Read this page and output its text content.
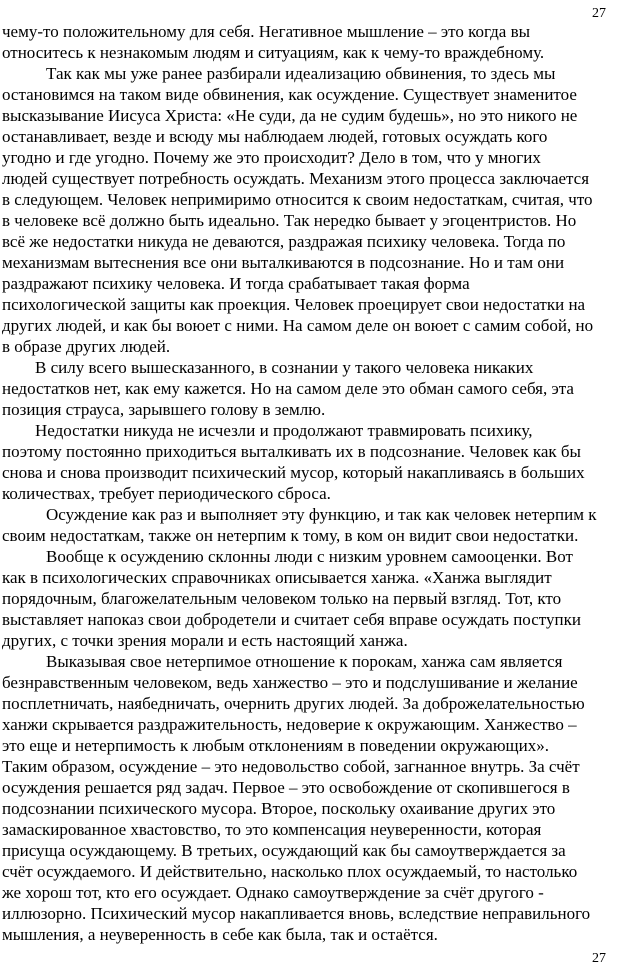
27
чему-то положительному для себя. Негативное мышление – это когда вы
относитесь к незнакомым людям и ситуациям, как к чему-то враждебному.
Так как мы уже ранее разбирали идеализацию обвинения, то здесь мы
остановимся на таком виде обвинения, как осуждение. Существует знаменитое
высказывание Иисуса Христа: «Не суди, да не судим будешь», но это никого не
останавливает, везде и всюду мы наблюдаем людей, готовых осуждать кого
угодно и где угодно. Почему же это происходит? Дело в том, что у многих
людей существует потребность осуждать. Механизм этого процесса заключается
в следующем. Человек непримиримо относится к своим недостаткам, считая, что
в человеке всё должно быть идеально. Так нередко бывает у эгоцентристов. Но
всё же недостатки никуда не деваются, раздражая психику человека. Тогда по
механизмам вытеснения все они выталкиваются в подсознание. Но и там они
раздражают психику человека. И тогда срабатывает такая форма
психологической защиты как проекция. Человек проецирует свои недостатки на
других людей, и как бы воюет с ними. На самом деле он воюет с самим собой, но
в образе других людей.
В силу всего вышесказанного, в сознании у такого человека никаких
недостатков нет, как ему кажется. Но на самом деле это обман самого себя, эта
позиция страуса, зарывшего голову в землю.
Недостатки никуда не исчезли и продолжают травмировать психику,
поэтому постоянно приходиться выталкивать их в подсознание. Человек как бы
снова и снова производит психический мусор, который накапливаясь в больших
количествах, требует периодического сброса.
Осуждение как раз и выполняет эту функцию, и так как человек нетерпим к
своим недостаткам, также он нетерпим к тому, в ком он видит свои недостатки.
Вообще к осуждению склонны люди с низким уровнем самооценки. Вот
как в психологических справочниках описывается ханжа. «Ханжа выглядит
порядочным, благожелательным человеком только на первый взгляд. Тот, кто
выставляет напоказ свои добродетели и считает себя вправе осуждать поступки
других, с точки зрения морали и есть настоящий ханжа.
Выказывая свое нетерпимое отношение к порокам, ханжа сам является
безнравственным человеком, ведь ханжество – это и подслушивание и желание
посплетничать, наябедничать, очернить других людей. За доброжелательностью
ханжи скрывается раздражительность, недоверие к окружающим. Ханжество –
это еще и нетерпимость к любым отклонениям в поведении окружающих».
Таким образом, осуждение – это недовольство собой, загнанное внутрь. За счёт
осуждения решается ряд задач. Первое – это освобождение от скопившегося в
подсознании психического мусора. Второе, поскольку охаивание других это
замаскированное хвастовство, то это компенсация неуверенности, которая
присуща осуждающему. В третьих, осуждающий как бы самоутверждается за
счёт осуждаемого. И действительно, насколько плох осуждаемый, то настолько
же хорош тот, кто его осуждает. Однако самоутверждение за счёт другого -
иллюзорно. Психический мусор накапливается вновь, вследствие неправильного
мышления, а неуверенность в себе как была, так и остаётся.
27
